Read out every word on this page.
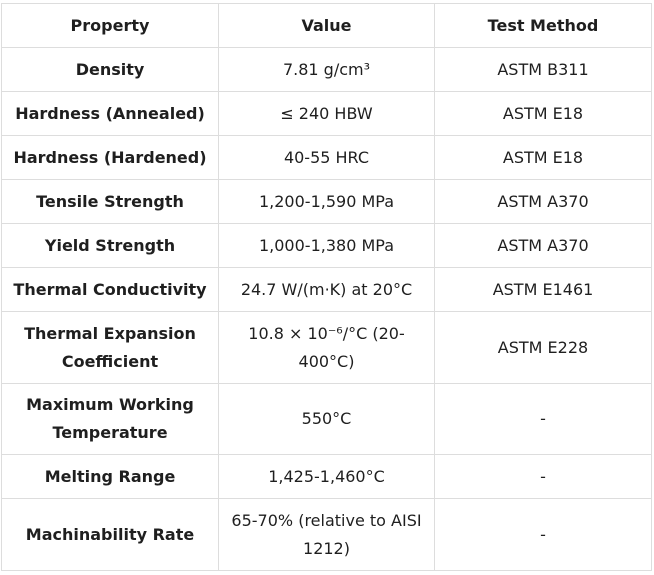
Property	Value	Test Method
Density	7.81 g/cm³	ASTM B311
Hardness (Annealed)	≤ 240 HBW	ASTM E18
Hardness (Hardened)	40-55 HRC	ASTM E18
Tensile Strength	1,200-1,590 MPa	ASTM A370
Yield Strength	1,000-1,380 MPa	ASTM A370
Thermal Conductivity	24.7 W/(m·K) at 20°C	ASTM E1461
Thermal Expansion Coefficient	10.8 × 10⁻⁶/°C (20-400°C)	ASTM E228
Maximum Working Temperature	550°C	-
Melting Range	1,425-1,460°C	-
Machinability Rate	65-70% (relative to AISI 1212)	-
